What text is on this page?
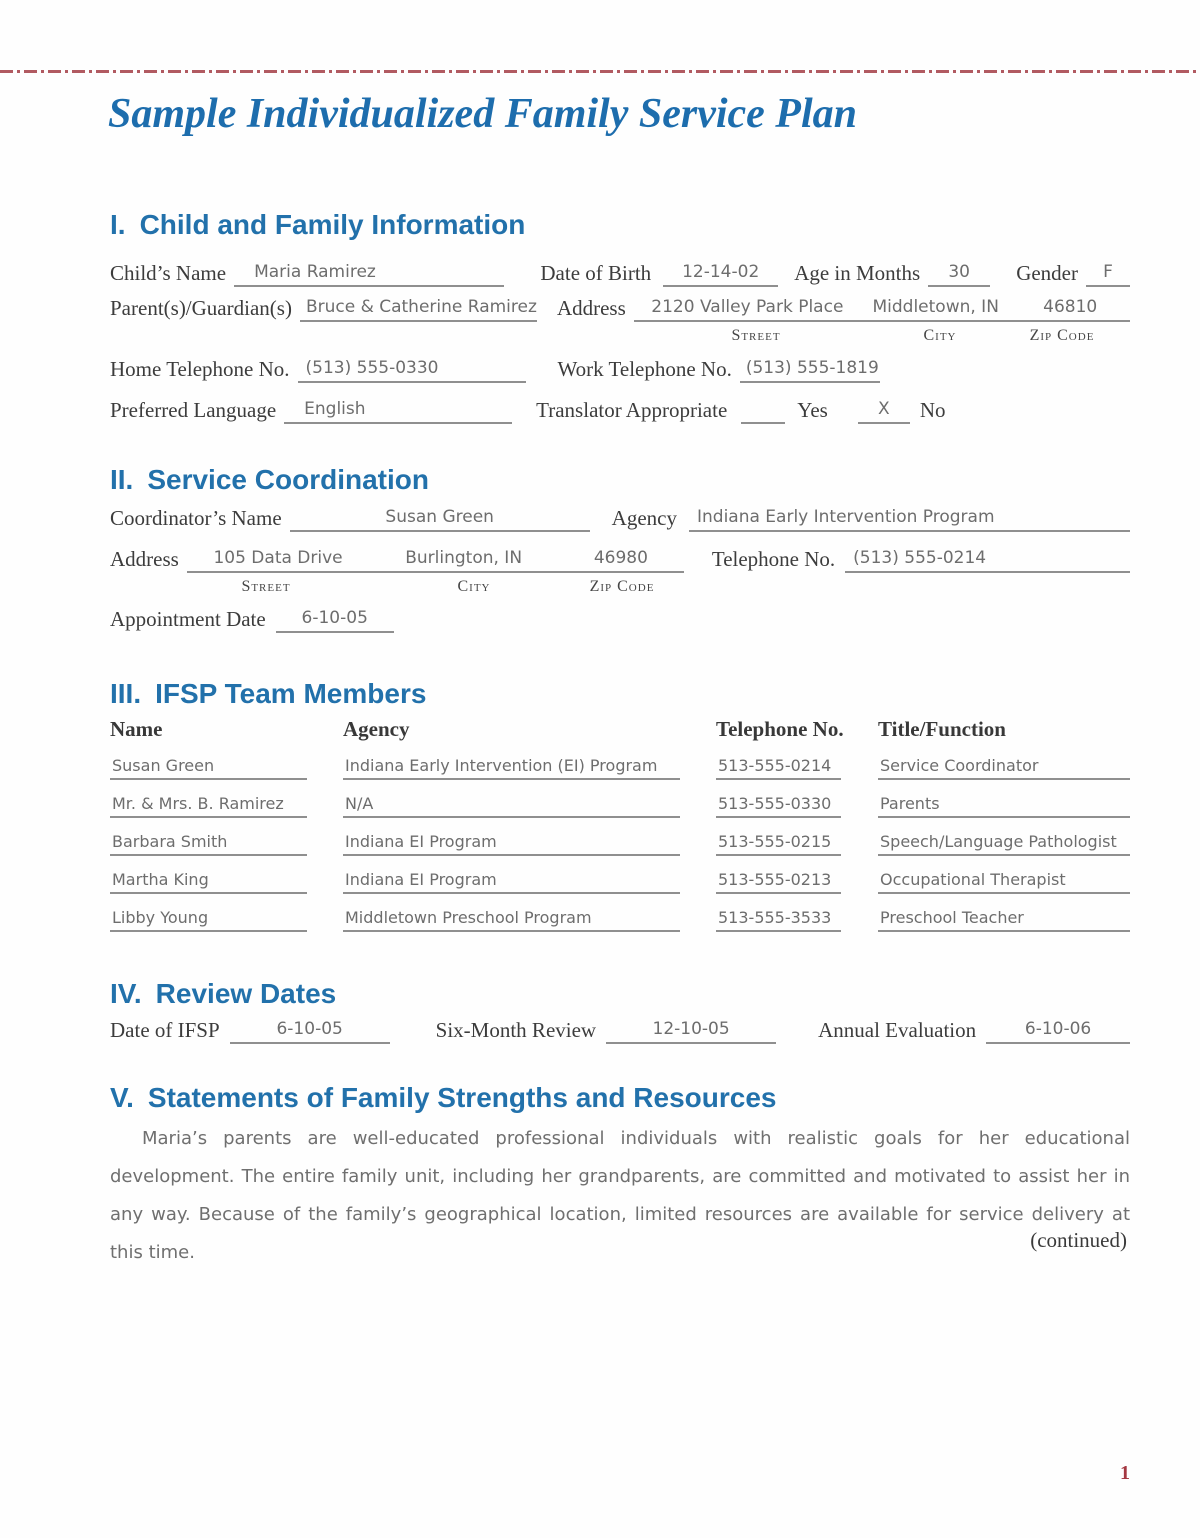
Sample Individualized Family Service Plan
I. Child and Family Information
Child’s Name Maria Ramirez	Date of Birth 12-14-02 Age in Months 30 Gender F
Parent(s)/Guardian(s) Bruce & Catherine Ramirez Address	2120 Valley Park Place	Middletown, IN	46810
Street	City	Zip Code
Home Telephone No. (513) 555-0330	Work Telephone No. (513) 555-1819
Preferred Language English	Translator Appropriate	Yes	X No
II. Service Coordination
Coordinator’s Name	Susan Green	Agency Indiana Early Intervention Program
Address	105 Data Drive	Burlington, IN	46980	Telephone No. (513) 555-0214
Street	City	Zip Code
Appointment Date 6-10-05
III. IFSP Team Members
Name	Agency	Telephone No.	Title/Function
Susan Green	Indiana Early Intervention (EI) Program	513-555-0214	Service Coordinator
Mr. & Mrs. B. Ramirez	N/A	513-555-0330	Parents
Barbara Smith	Indiana EI Program	513-555-0215	Speech/Language Pathologist
Martha King	Indiana EI Program	513-555-0213	Occupational Therapist
Libby Young	Middletown Preschool Program	513-555-3533	Preschool Teacher
IV. Review Dates
Date of IFSP	6-10-05	Six-Month Review	12-10-05	Annual Evaluation	6-10-06
V. Statements of Family Strengths and Resources

Maria’s parents are well-educated professional individuals with realistic goals for her educational development. The entire family unit, including her grandparents, are committed and motivated to assist her in any way. Because of the family’s geographical location, limited resources are available for service delivery at this time.

(continued)
1
